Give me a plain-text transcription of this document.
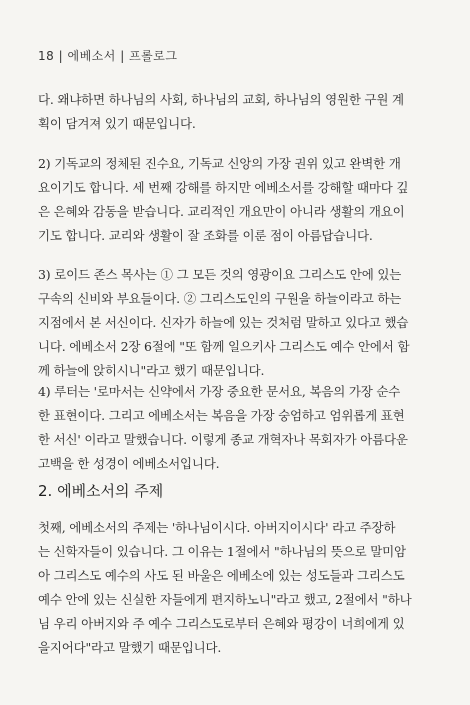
18 | 에베소서 | 프롤로그
다. 왜냐하면 하나님의 사회, 하나님의 교회, 하나님의 영원한 구원 계
획이 담겨져 있기 때문입니다.
2) 기독교의 정체된 진수요, 기독교 신앙의 가장 권위 있고 완벽한 개
요이기도 합니다. 세 번째 강해를 하지만 에베소서를 강해할 때마다 깊
은 은혜와 감동을 받습니다. 교리적인 개요만이 아니라 생활의 개요이
기도 합니다. 교리와 생활이 잘 조화를 이룬 점이 아름답습니다.
3) 로이드 존스 목사는 ① 그 모든 것의 영광이요 그리스도 안에 있는
구속의 신비와 부요들이다. ② 그리스도인의 구원을 하늘이라고 하는
지점에서 본 서신이다. 신자가 하늘에 있는 것처럼 말하고 있다고 했습
니다. 에베소서 2장 6절에 "또 함께 일으키사 그리스도 예수 안에서 함
께 하늘에 앉히시니"라고 했기 때문입니다.
4) 루터는 '로마서는 신약에서 가장 중요한 문서요, 복음의 가장 순수
한 표현이다. 그리고 에베소서는 복음을 가장 숭엄하고 엄위롭게 표현
한 서신' 이라고 말했습니다. 이렇게 종교 개혁자나 목회자가 아름다운
고백을 한 성경이 에베소서입니다.
2. 에베소서의 주제
첫째, 에베소서의 주제는 '하나님이시다. 아버지이시다' 라고 주장하
는 신학자들이 있습니다. 그 이유는 1절에서 "하나님의 뜻으로 말미암
아 그리스도 예수의 사도 된 바울은 에베소에 있는 성도들과 그리스도
예수 안에 있는 신실한 자들에게 편지하노니"라고 했고, 2절에서 "하나
님 우리 아버지와 주 예수 그리스도로부터 은혜와 평강이 너희에게 있
을지어다"라고 말했기 때문입니다.
